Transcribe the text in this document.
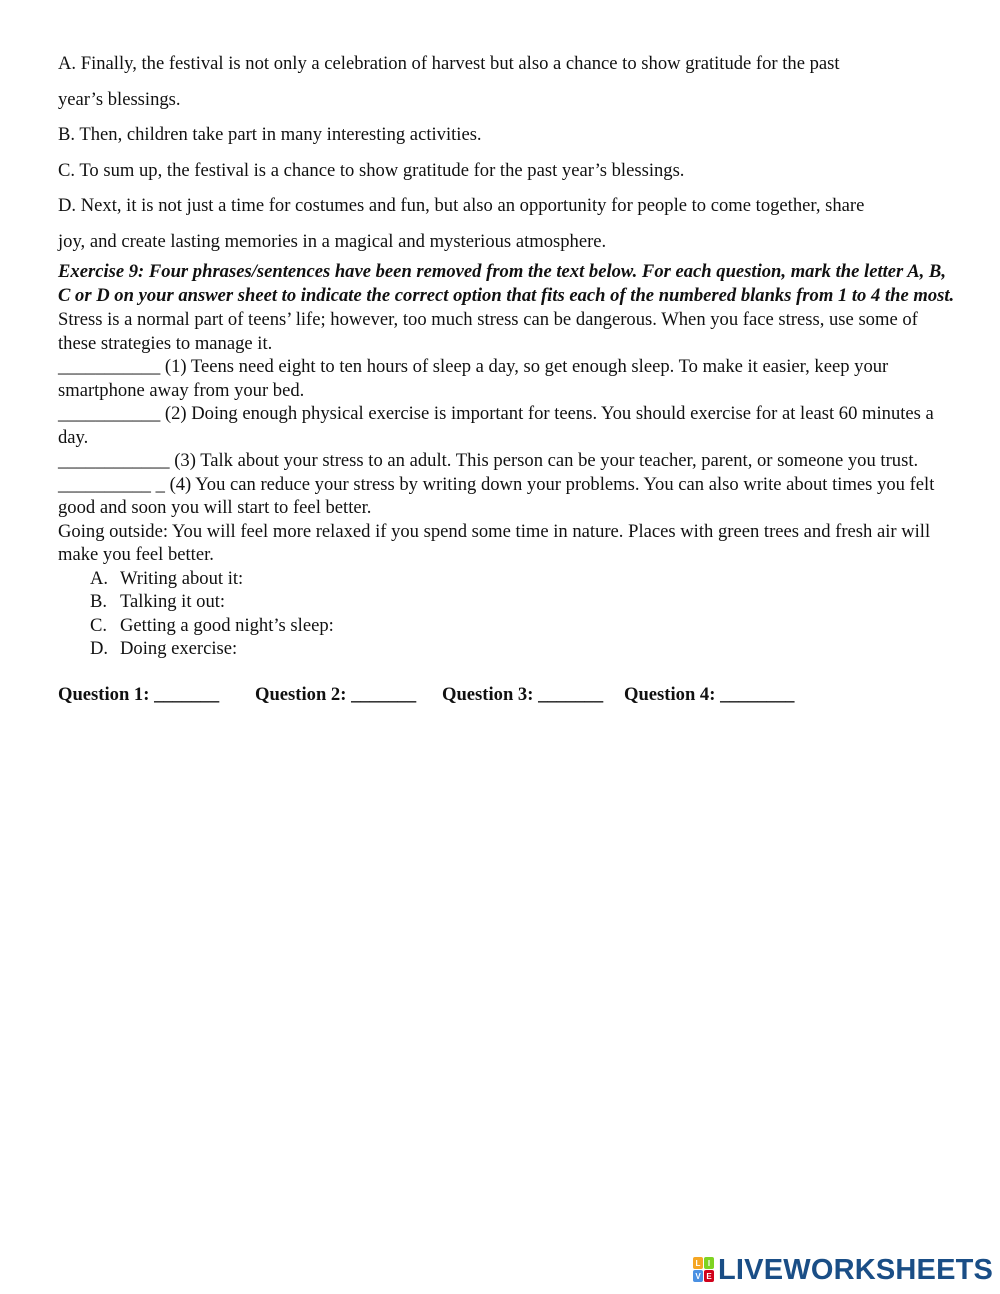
A. Finally, the festival is not only a celebration of harvest but also a chance to show gratitude for the past

year’s blessings.

B. Then, children take part in many interesting activities.

C. To sum up, the festival is a chance to show gratitude for the past year’s blessings.

D. Next, it is not just a time for costumes and fun, but also an opportunity for people to come together, share

joy, and create lasting memories in a magical and mysterious atmosphere.

Exercise 9: Four phrases/sentences have been removed from the text below. For each question, mark the letter A, B, C or D on your answer sheet to indicate the correct option that fits each of the numbered blanks from 1 to 4 the most.

Stress is a normal part of teens’ life; however, too much stress can be dangerous. When you face stress, use some of these strategies to manage it.

___________ (1) Teens need eight to ten hours of sleep a day, so get enough sleep. To make it easier, keep your smartphone away from your bed.

___________ (2) Doing enough physical exercise is important for teens. You should exercise for at least 60 minutes a day.

____________ (3) Talk about your stress to an adult. This person can be your teacher, parent, or someone you trust.

__________ _ (4) You can reduce your stress by writing down your problems. You can also write about times you felt good and soon you will start to feel better.

Going outside: You will feel more relaxed if you spend some time in nature. Places with green trees and fresh air will make you feel better.

A. Writing about it:
B. Talking it out:
C. Getting a good night’s sleep:
D. Doing exercise:
Question 1: _______ Question 2: _______ Question 3: _______ Question 4: ________
L I
V E LIVEWORKSHEETS
